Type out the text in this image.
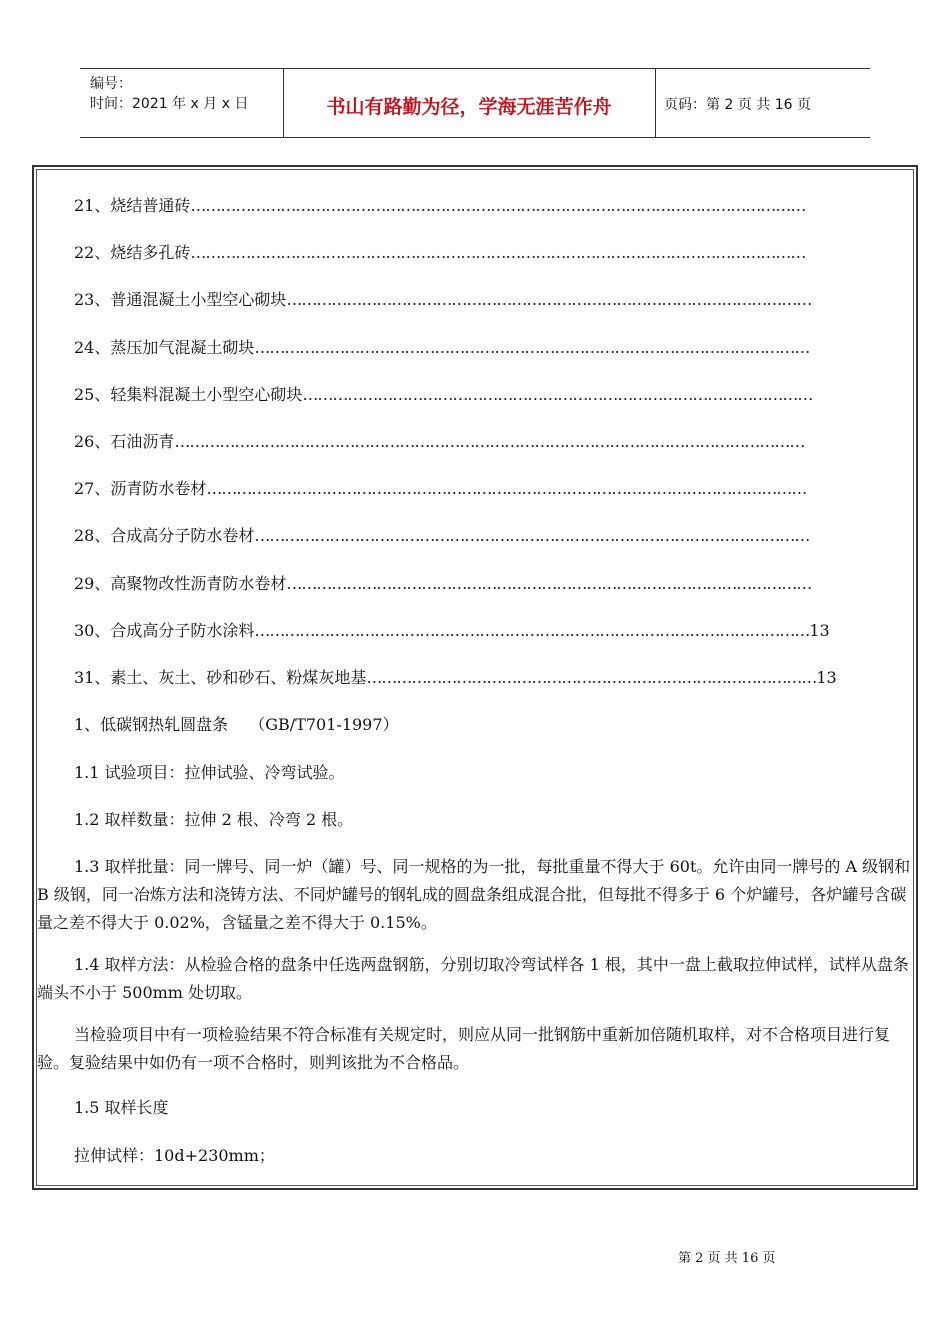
编号：
时间：2021 年 x 月 x 日	书山有路勤为径，学海无涯苦作舟	页码：第 2 页 共 16 页
21、烧结普通砖……………………………………………………………………………………………………………
22、烧结多孔砖……………………………………………………………………………………………………………
23、普通混凝土小型空心砌块……………………………………………………………………………………………
24、蒸压加气混凝土砌块…………………………………………………………………………………………………
25、轻集料混凝土小型空心砌块…………………………………………………………………………………………
26、石油沥青………………………………………………………………………………………………………………
27、沥青防水卷材…………………………………………………………………………………………………………
28、合成高分子防水卷材…………………………………………………………………………………………………
29、高聚物改性沥青防水卷材……………………………………………………………………………………………
30、合成高分子防水涂料…………………………………………………………………………………………………13
31、素土、灰土、砂和砂石、粉煤灰地基………………………………………………………………………………13
1、低碳钢热轧圆盘条　 （GB/T701-1997）
1.1 试验项目：拉伸试验、冷弯试验。
1.2 取样数量：拉伸 2 根、冷弯 2 根。

1.3 取样批量：同一牌号、同一炉（罐）号、同一规格的为一批，每批重量不得大于 60t。允许由同一牌号的 A 级钢和 B 级钢，同一冶炼方法和浇铸方法、不同炉罐号的钢轧成的圆盘条组成混合批，但每批不得多于 6 个炉罐号，各炉罐号含碳量之差不得大于 0.02%，含锰量之差不得大于 0.15%。

1.4 取样方法：从检验合格的盘条中任选两盘钢筋，分别切取冷弯试样各 1 根，其中一盘上截取拉伸试样，试样从盘条端头不小于 500mm 处切取。

当检验项目中有一项检验结果不符合标准有关规定时，则应从同一批钢筋中重新加倍随机取样，对不合格项目进行复验。复验结果中如仍有一项不合格时，则判该批为不合格品。

1.5 取样长度
拉伸试样：10d+230mm；
第 2 页 共 16 页
